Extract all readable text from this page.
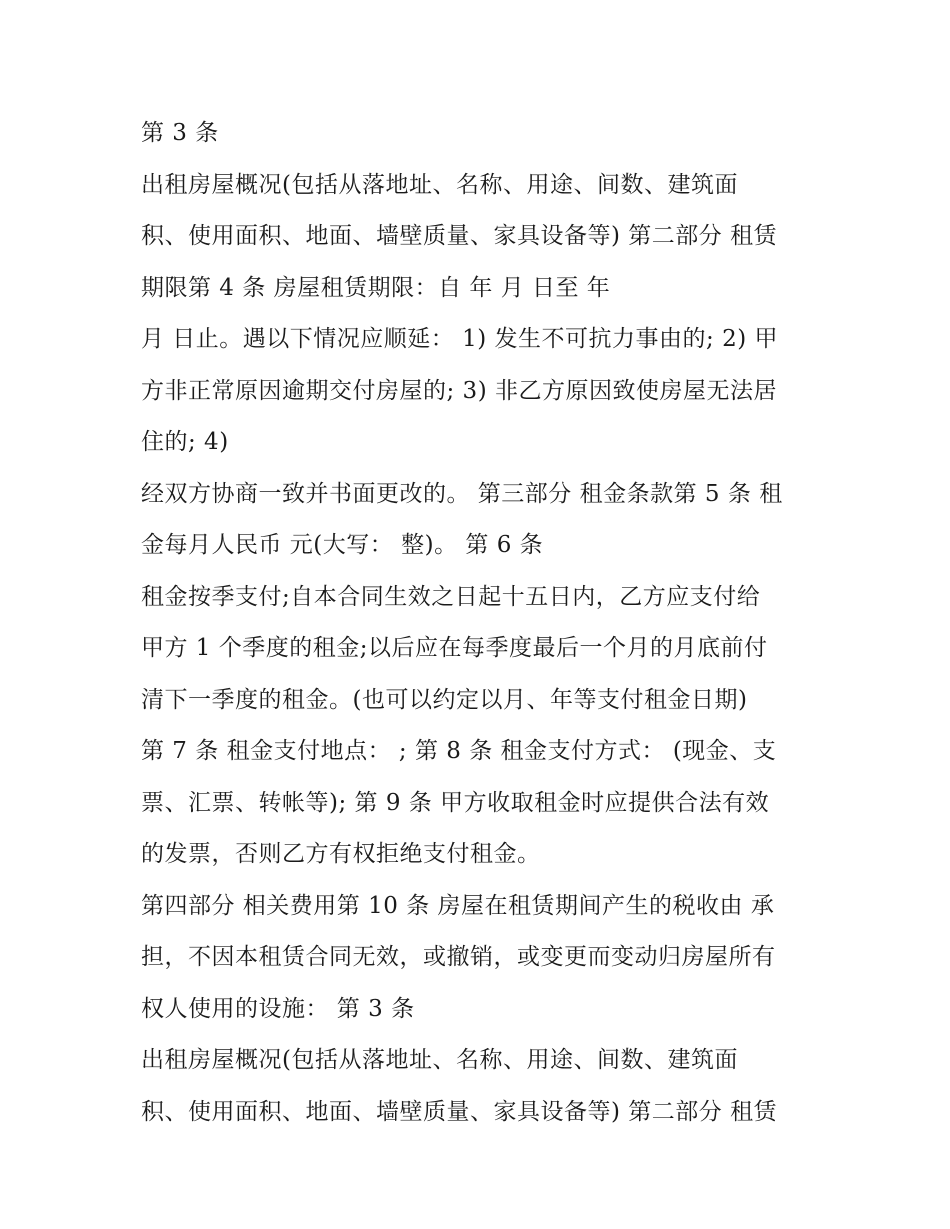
第 3 条
出租房屋概况(包括从落地址、名称、用途、间数、建筑面
积、使用面积、地面、墙壁质量、家具设备等) 第二部分 租赁
期限第 4 条 房屋租赁期限：自 年 月 日至 年
月 日止。遇以下情况应顺延： 1) 发生不可抗力事由的; 2) 甲
方非正常原因逾期交付房屋的; 3) 非乙方原因致使房屋无法居
住的; 4)
经双方协商一致并书面更改的。 第三部分 租金条款第 5 条 租
金每月人民币 元(大写： 整)。 第 6 条
租金按季支付;自本合同生效之日起十五日内，乙方应支付给
甲方 1 个季度的租金;以后应在每季度最后一个月的月底前付
清下一季度的租金。(也可以约定以月、年等支付租金日期)
第 7 条 租金支付地点： ; 第 8 条 租金支付方式： (现金、支
票、汇票、转帐等); 第 9 条 甲方收取租金时应提供合法有效
的发票，否则乙方有权拒绝支付租金。
第四部分 相关费用第 10 条 房屋在租赁期间产生的税收由 承
担，不因本租赁合同无效，或撤销，或变更而变动归房屋所有
权人使用的设施： 第 3 条
出租房屋概况(包括从落地址、名称、用途、间数、建筑面
积、使用面积、地面、墙壁质量、家具设备等) 第二部分 租赁
